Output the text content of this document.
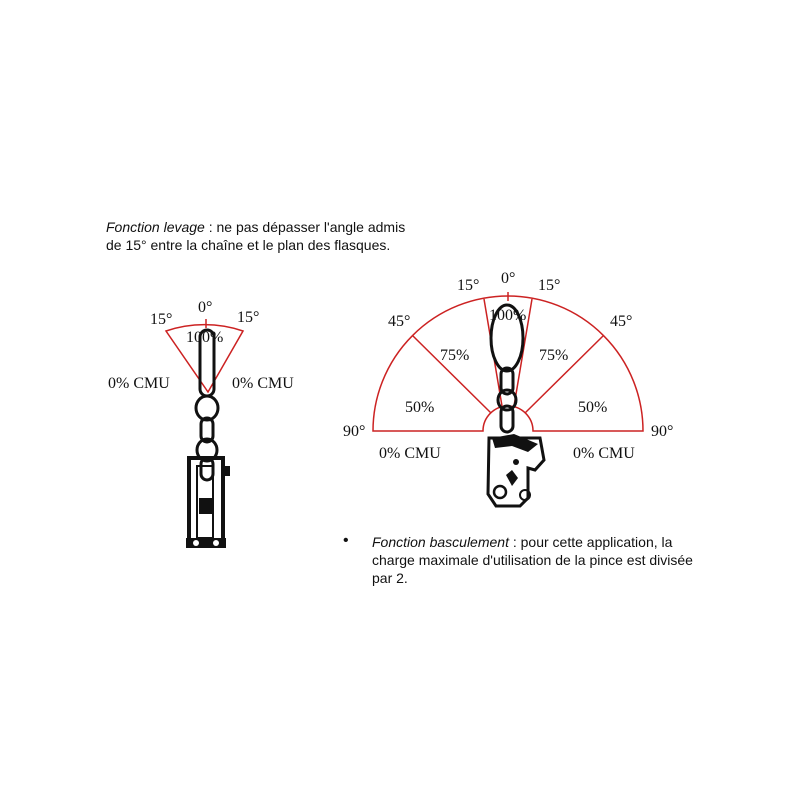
Fonction levage : ne pas dépasser l'angle admis de 15° entre la chaîne et le plan des flasques.
• Fonction basculement : pour cette application, la charge maximale d'utilisation de la pince est divisée par 2.
15°
0°
15°
100%
0% CMU	0% CMU
0°
15°	15°
45°	45°
90°	90°
100%
75%	75%
50%	50%
0% CMU	0% CMU
